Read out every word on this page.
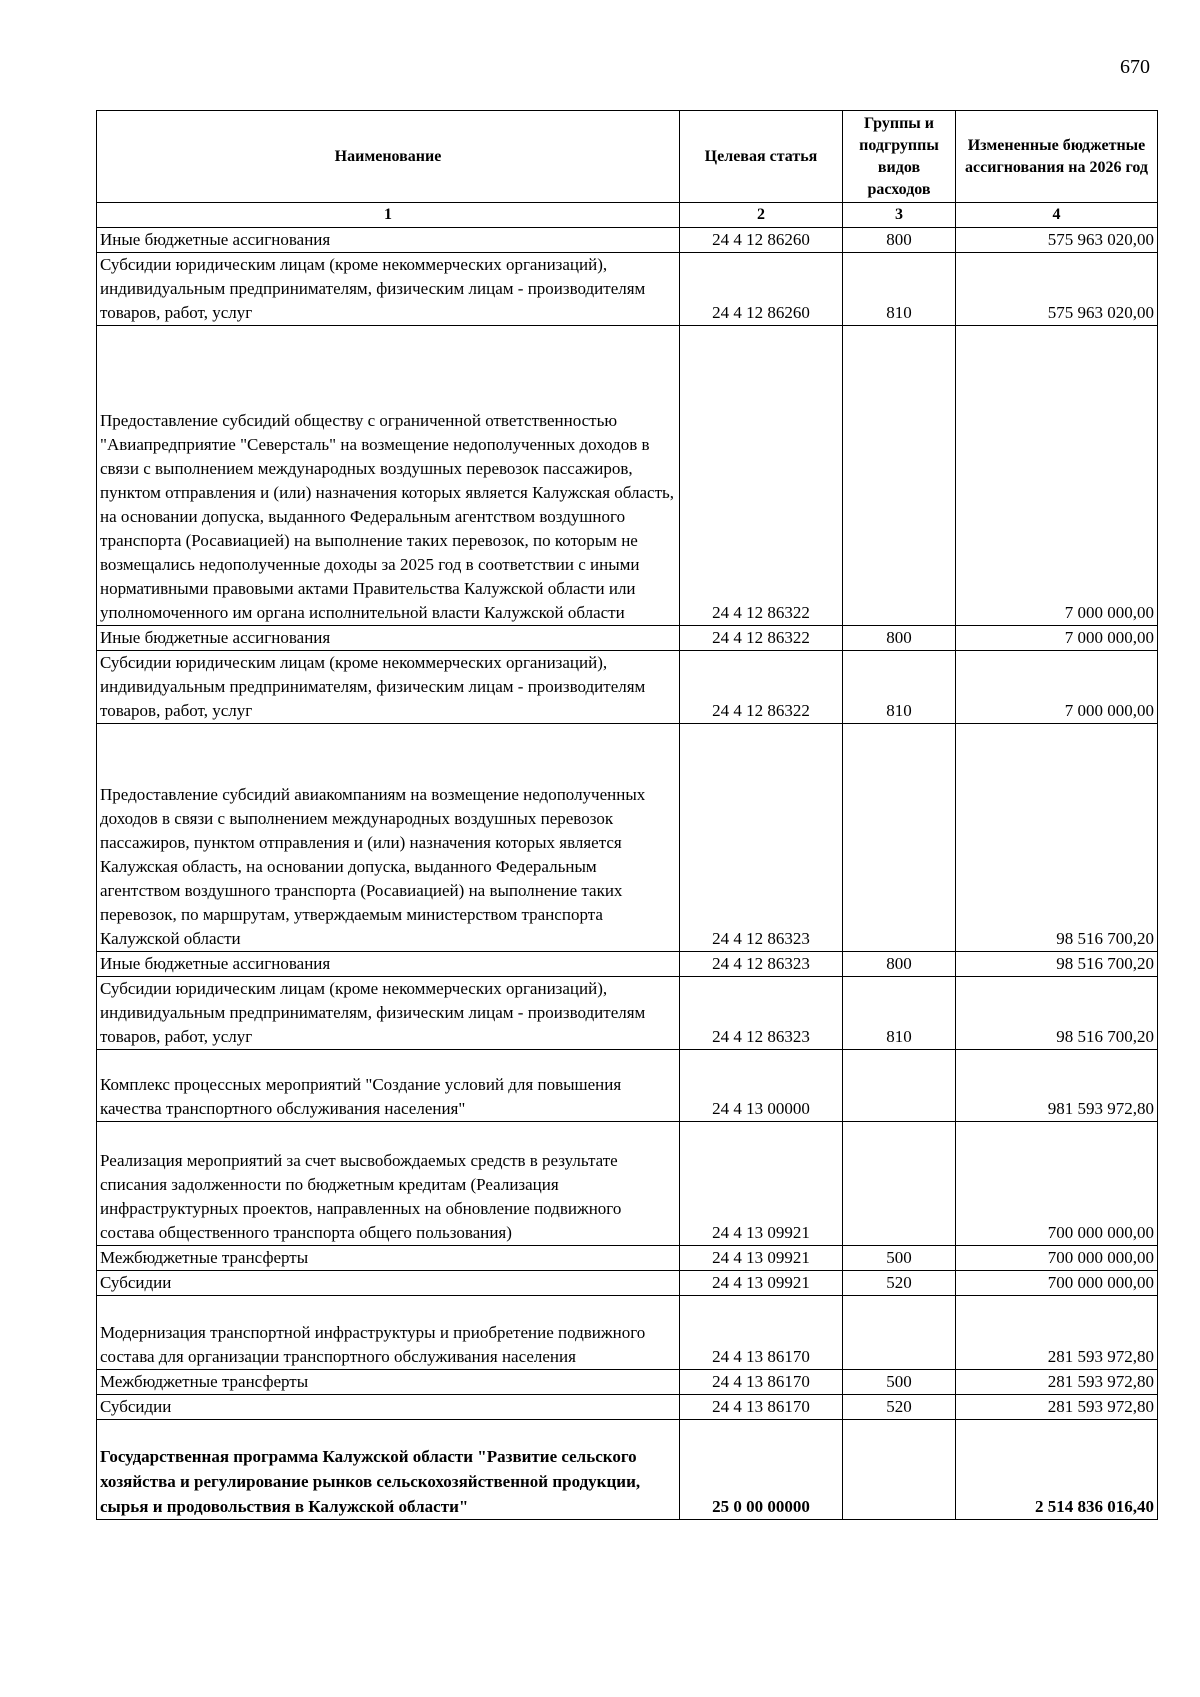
670
Наименование	Целевая статья	Группы и подгруппы видов расходов	Измененные бюджетные ассигнования на 2026 год
1	2	3	4
Иные бюджетные ассигнования	24 4 12 86260	800	575 963 020,00
Субсидии юридическим лицам (кроме некоммерческих организаций), индивидуальным предпринимателям, физическим лицам - производителям товаров, работ, услуг	24 4 12 86260	810	575 963 020,00
Предоставление субсидий обществу с ограниченной ответственностью "Авиапредприятие "Северсталь" на возмещение недополученных доходов в связи с выполнением международных воздушных перевозок пассажиров, пунктом отправления и (или) назначения которых является Калужская область, на основании допуска, выданного Федеральным агентством воздушного транспорта (Росавиацией) на выполнение таких перевозок, по которым не возмещались недополученные доходы за 2025 год в соответствии с иными нормативными правовыми актами Правительства Калужской области или уполномоченного им органа исполнительной власти Калужской области	24 4 12 86322		7 000 000,00
Иные бюджетные ассигнования	24 4 12 86322	800	7 000 000,00
Субсидии юридическим лицам (кроме некоммерческих организаций), индивидуальным предпринимателям, физическим лицам - производителям товаров, работ, услуг	24 4 12 86322	810	7 000 000,00
Предоставление субсидий авиакомпаниям на возмещение недополученных доходов в связи с выполнением международных воздушных перевозок пассажиров, пунктом отправления и (или) назначения которых является Калужская область, на основании допуска, выданного Федеральным агентством воздушного транспорта (Росавиацией) на выполнение таких перевозок, по маршрутам, утверждаемым министерством транспорта Калужской области	24 4 12 86323		98 516 700,20
Иные бюджетные ассигнования	24 4 12 86323	800	98 516 700,20
Субсидии юридическим лицам (кроме некоммерческих организаций), индивидуальным предпринимателям, физическим лицам - производителям товаров, работ, услуг	24 4 12 86323	810	98 516 700,20
Комплекс процессных мероприятий "Создание условий для повышения качества транспортного обслуживания населения"	24 4 13 00000		981 593 972,80
Реализация мероприятий за счет высвобождаемых средств в результате списания задолженности по бюджетным кредитам (Реализация инфраструктурных проектов, направленных на обновление подвижного состава общественного транспорта общего пользования)	24 4 13 09921		700 000 000,00
Межбюджетные трансферты	24 4 13 09921	500	700 000 000,00
Субсидии	24 4 13 09921	520	700 000 000,00
Модернизация транспортной инфраструктуры и приобретение подвижного состава для организации транспортного обслуживания населения	24 4 13 86170		281 593 972,80
Межбюджетные трансферты	24 4 13 86170	500	281 593 972,80
Субсидии	24 4 13 86170	520	281 593 972,80
Государственная программа Калужской области "Развитие сельского хозяйства и регулирование рынков сельскохозяйственной продукции, сырья и продовольствия в Калужской области"	25 0 00 00000		2 514 836 016,40
